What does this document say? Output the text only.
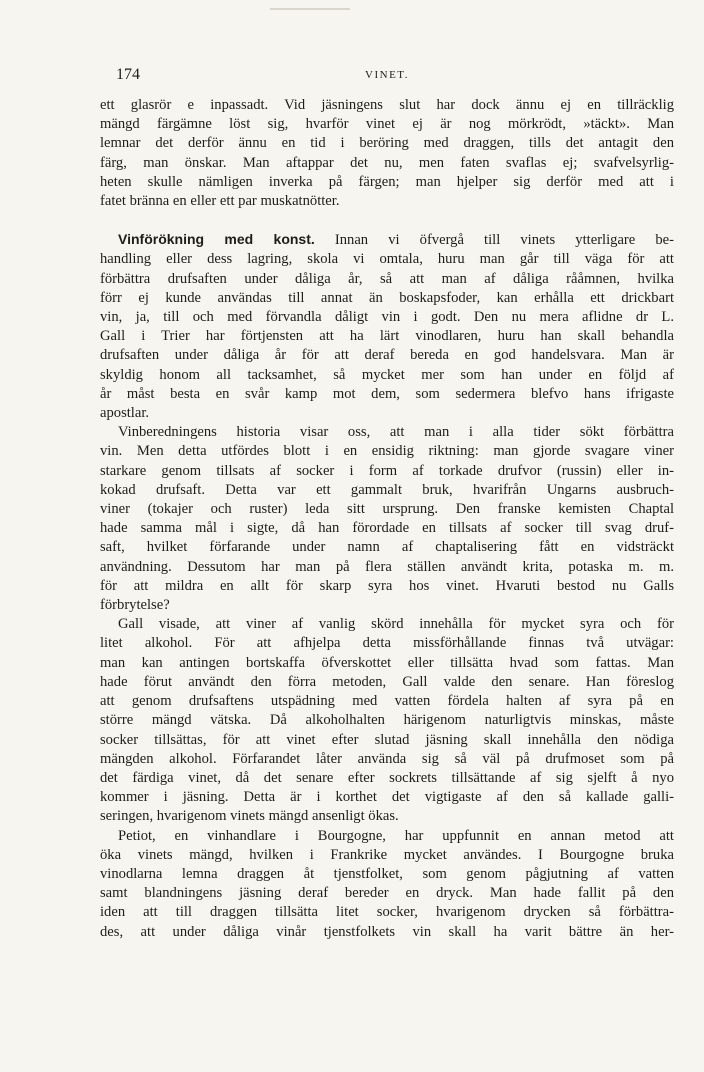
174	VINET.

ett glasrör e inpassadt. Vid jäsningens slut har dock ännu ej en tillräcklig
mängd färgämne löst sig, hvarför vinet ej är nog mörkrödt, »täckt». Man
lemnar det derför ännu en tid i beröring med draggen, tills det antagit den
färg, man önskar. Man aftappar det nu, men faten svaflas ej; svafvelsyrlig-
heten skulle nämligen inverka på färgen; man hjelper sig derför med att i
fatet bränna en eller ett par muskatnötter.

Vinförökning med konst. Innan vi öfvergå till vinets ytterligare be-
handling eller dess lagring, skola vi omtala, huru man går till väga för att
förbättra drufsaften under dåliga år, så att man af dåliga rååmnen, hvilka
förr ej kunde användas till annat än boskapsfoder, kan erhålla ett drickbart
vin, ja, till och med förvandla dåligt vin i godt. Den nu mera aflidne dr L.
Gall i Trier har förtjensten att ha lärt vinodlaren, huru han skall behandla
drufsaften under dåliga år för att deraf bereda en god handelsvara. Man är
skyldig honom all tacksamhet, så mycket mer som han under en följd af
år måst besta en svår kamp mot dem, som sedermera blefvo hans ifrigaste
apostlar.

Vinberedningens historia visar oss, att man i alla tider sökt förbättra
vin. Men detta utfördes blott i en ensidig riktning: man gjorde svagare viner
starkare genom tillsats af socker i form af torkade drufvor (russin) eller in-
kokad drufsaft. Detta var ett gammalt bruk, hvarifrån Ungarns ausbruch-
viner (tokajer och ruster) leda sitt ursprung. Den franske kemisten Chaptal
hade samma mål i sigte, då han förordade en tillsats af socker till svag druf-
saft, hvilket förfarande under namn af chaptalisering fått en vidsträckt
användning. Dessutom har man på flera ställen användt krita, potaska m. m.
för att mildra en allt för skarp syra hos vinet. Hvaruti bestod nu Galls
förbrytelse?

Gall visade, att viner af vanlig skörd innehålla för mycket syra och för
litet alkohol. För att afhjelpa detta missförhållande finnas två utvägar:
man kan antingen bortskaffa öfverskottet eller tillsätta hvad som fattas. Man
hade förut användt den förra metoden, Gall valde den senare. Han föreslog
att genom drufsaftens utspädning med vatten fördela halten af syra på en
större mängd vätska. Då alkoholhalten härigenom naturligtvis minskas, måste
socker tillsättas, för att vinet efter slutad jäsning skall innehålla den nödiga
mängden alkohol. Förfarandet låter använda sig så väl på drufmoset som på
det färdiga vinet, då det senare efter sockrets tillsättande af sig sjelft å nyo
kommer i jäsning. Detta är i korthet det vigtigaste af den så kallade galli-
seringen, hvarigenom vinets mängd ansenligt ökas.

Petiot, en vinhandlare i Bourgogne, har uppfunnit en annan metod att
öka vinets mängd, hvilken i Frankrike mycket användes. I Bourgogne bruka
vinodlarna lemna draggen åt tjenstfolket, som genom pågjutning af vatten
samt blandningens jäsning deraf bereder en dryck. Man hade fallit på den
iden att till draggen tillsätta litet socker, hvarigenom drycken så förbättra-
des, att under dåliga vinår tjenstfolkets vin skall ha varit bättre än her-
